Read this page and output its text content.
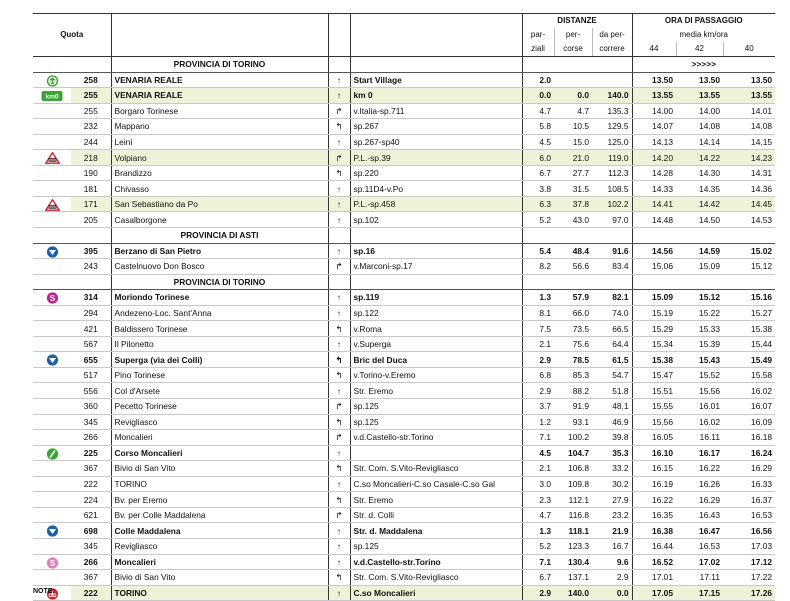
					DISTANZE			ORA DI PASSAGGIO		
Quota					par-	per-	da per-	media km/ora		
					ziali	corse	correre	44	42	40
		PROVINCIA DI TORINO						>>>>>		
	258	VENARIA REALE	↑	Start Village	2.0			13.50	13.50	13.50

km0	255	VENARIA REALE	↑	km 0	0.0	0.0	140.0	13.55	13.55	13.55
	255	Borgaro Torinese	↱	v.Italia-sp.711	4.7	4.7	135.3	14.00	14.00	14.01
	232	Mappano	↰	sp.267	5.8	10.5	129.5	14.07	14.08	14.08
	244	Leinì	↑	sp.267-sp40	4.5	15.0	125.0	14.13	14.14	14.15
	218	Volpiano	↱	P.L.-sp.39	6.0	21.0	119.0	14.20	14.22	14.23
	190	Brandizzo	↰	sp.220	6.7	27.7	112.3	14.28	14.30	14.31
	181	Chivasso	↑	sp.11D4-v.Po	3.8	31.5	108.5	14.33	14.35	14.36
	171	San Sebastiano da Po	↑	P.L.-sp.458	6.3	37.8	102.2	14.41	14.42	14.45
	205	Casalborgone	↑	sp.102	5.2	43.0	97.0	14.48	14.50	14.53
		PROVINCIA DI ASTI								
	395	Berzano di San Pietro	↑	sp.16	5.4	48.4	91.6	14.56	14.59	15.02
	243	Castelnuovo Don Bosco	↱	v.Marconi-sp.17	8.2	56.6	83.4	15.06	15.09	15.12
		PROVINCIA DI TORINO								

S	314	Moriondo Torinese	↑	sp.119	1.3	57.9	82.1	15.09	15.12	15.16
	294	Andezeno-Loc. Sant'Anna	↑	sp.122	8.1	66.0	74.0	15.19	15.22	15.27
	421	Baldissero Torinese	↰	v.Roma	7.5	73.5	66.5	15.29	15.33	15.38
	567	Il Pilonetto	↑	v.Superga	2.1	75.6	64.4	15.34	15.39	15.44
	655	Superga (via dei Colli)	↰	Bric del Duca	2.9	78.5	61.5	15.38	15.43	15.49
	517	Pino Torinese	↰	v.Torino-v.Eremo	6.8	85.3	54.7	15.47	15.52	15.58
	556	Col d'Arsete	↑	Str. Eremo	2.9	88.2	51.8	15.51	15.56	16.02
	360	Pecetto Torinese	↱	sp.125	3.7	91.9	48.1	15.55	16.01	16.07
	345	Revigliasco	↰	sp.125	1.2	93.1	46.9	15.56	16.02	16.09
	266	Moncalieri	↱	v.d.Castello-str.Torino	7.1	100.2	39.8	16.05	16.11	16.18
	225	Corso Moncalieri	↑		4.5	104.7	35.3	16.10	16.17	16.24
	367	Bivio di San Vito	↰	Str. Com. S.Vito-Revigliasco	2.1	106.8	33.2	16.15	16.22	16.29
	222	TORINO	↑	C.so Moncalieri-C.so Casale-C.so Gal	3.0	109.8	30.2	16.19	16.26	16.33
	224	Bv. per Eremo	↰	Str. Eremo	2.3	112.1	27.9	16.22	16.29	16.37
	621	Bv. per Colle Maddalena	↱	Str. d. Colli	4.7	116.8	23.2	16.35	16.43	16.53
	698	Colle Maddalena	↑	Str. d. Maddalena	1.3	118.1	21.9	16.38	16.47	16.56
	345	Revigliasco	↑	sp.125	5.2	123.3	16.7	16.44	16.53	17.03

S	266	Moncalieri	↑	v.d.Castello-str.Torino	7.1	130.4	9.6	16.52	17.02	17.12
	367	Bivio di San Vito	↰	Str. Com. S.Vito-Revigliasco	6.7	137.1	2.9	17.01	17.11	17.22
	222	TORINO	↑	C.so Moncalieri	2.9	140.0	0.0	17.05	17.15	17.26
NOTE:
